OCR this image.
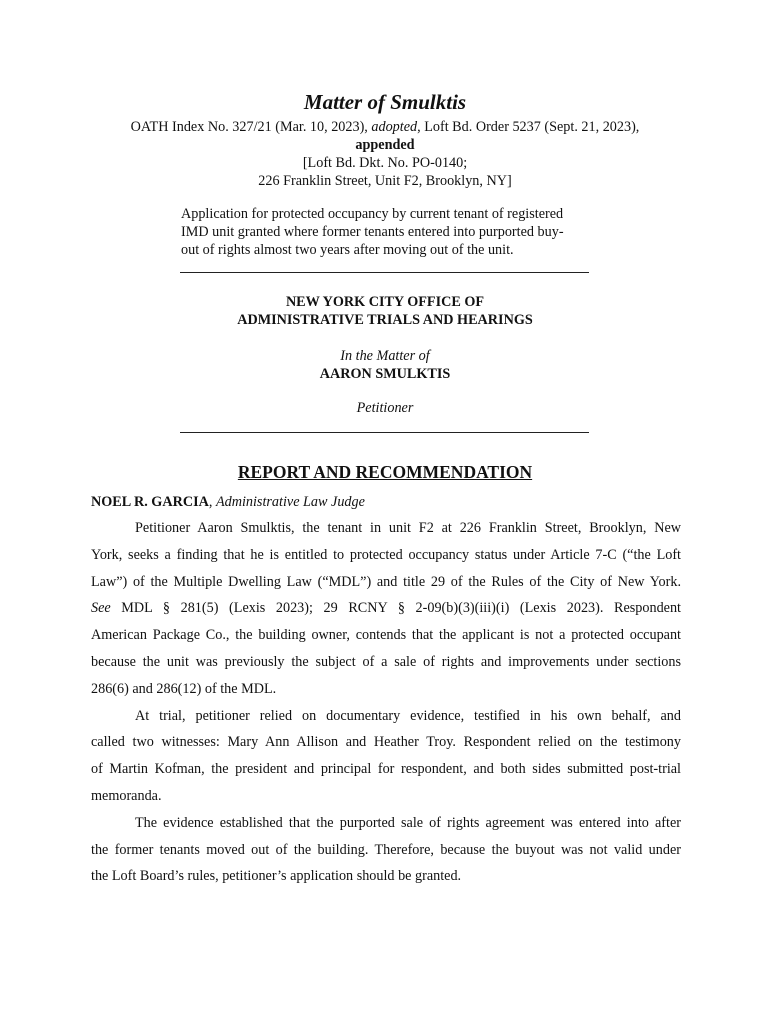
Matter of Smulktis
OATH Index No. 327/21 (Mar. 10, 2023), adopted, Loft Bd. Order 5237 (Sept. 21, 2023),
appended
[Loft Bd. Dkt. No. PO-0140;
226 Franklin Street, Unit F2, Brooklyn, NY]
Application for protected occupancy by current tenant of registered
IMD unit granted where former tenants entered into purported buy-
out of rights almost two years after moving out of the unit.
NEW YORK CITY OFFICE OF
ADMINISTRATIVE TRIALS AND HEARINGS
In the Matter of
AARON SMULKTIS
Petitioner
REPORT AND RECOMMENDATION
NOEL R. GARCIA, Administrative Law Judge
Petitioner Aaron Smulktis, the tenant in unit F2 at 226 Franklin Street, Brooklyn, New
York, seeks a finding that he is entitled to protected occupancy status under Article 7-C (“the Loft
Law”) of the Multiple Dwelling Law (“MDL”) and title 29 of the Rules of the City of New York.
See MDL § 281(5) (Lexis 2023); 29 RCNY § 2-09(b)(3)(iii)(i) (Lexis 2023). Respondent
American Package Co., the building owner, contends that the applicant is not a protected occupant
because the unit was previously the subject of a sale of rights and improvements under sections
286(6) and 286(12) of the MDL.
At trial, petitioner relied on documentary evidence, testified in his own behalf, and
called two witnesses: Mary Ann Allison and Heather Troy. Respondent relied on the testimony
of Martin Kofman, the president and principal for respondent, and both sides submitted post-trial
memoranda.
The evidence established that the purported sale of rights agreement was entered into after
the former tenants moved out of the building. Therefore, because the buyout was not valid under
the Loft Board’s rules, petitioner’s application should be granted.
